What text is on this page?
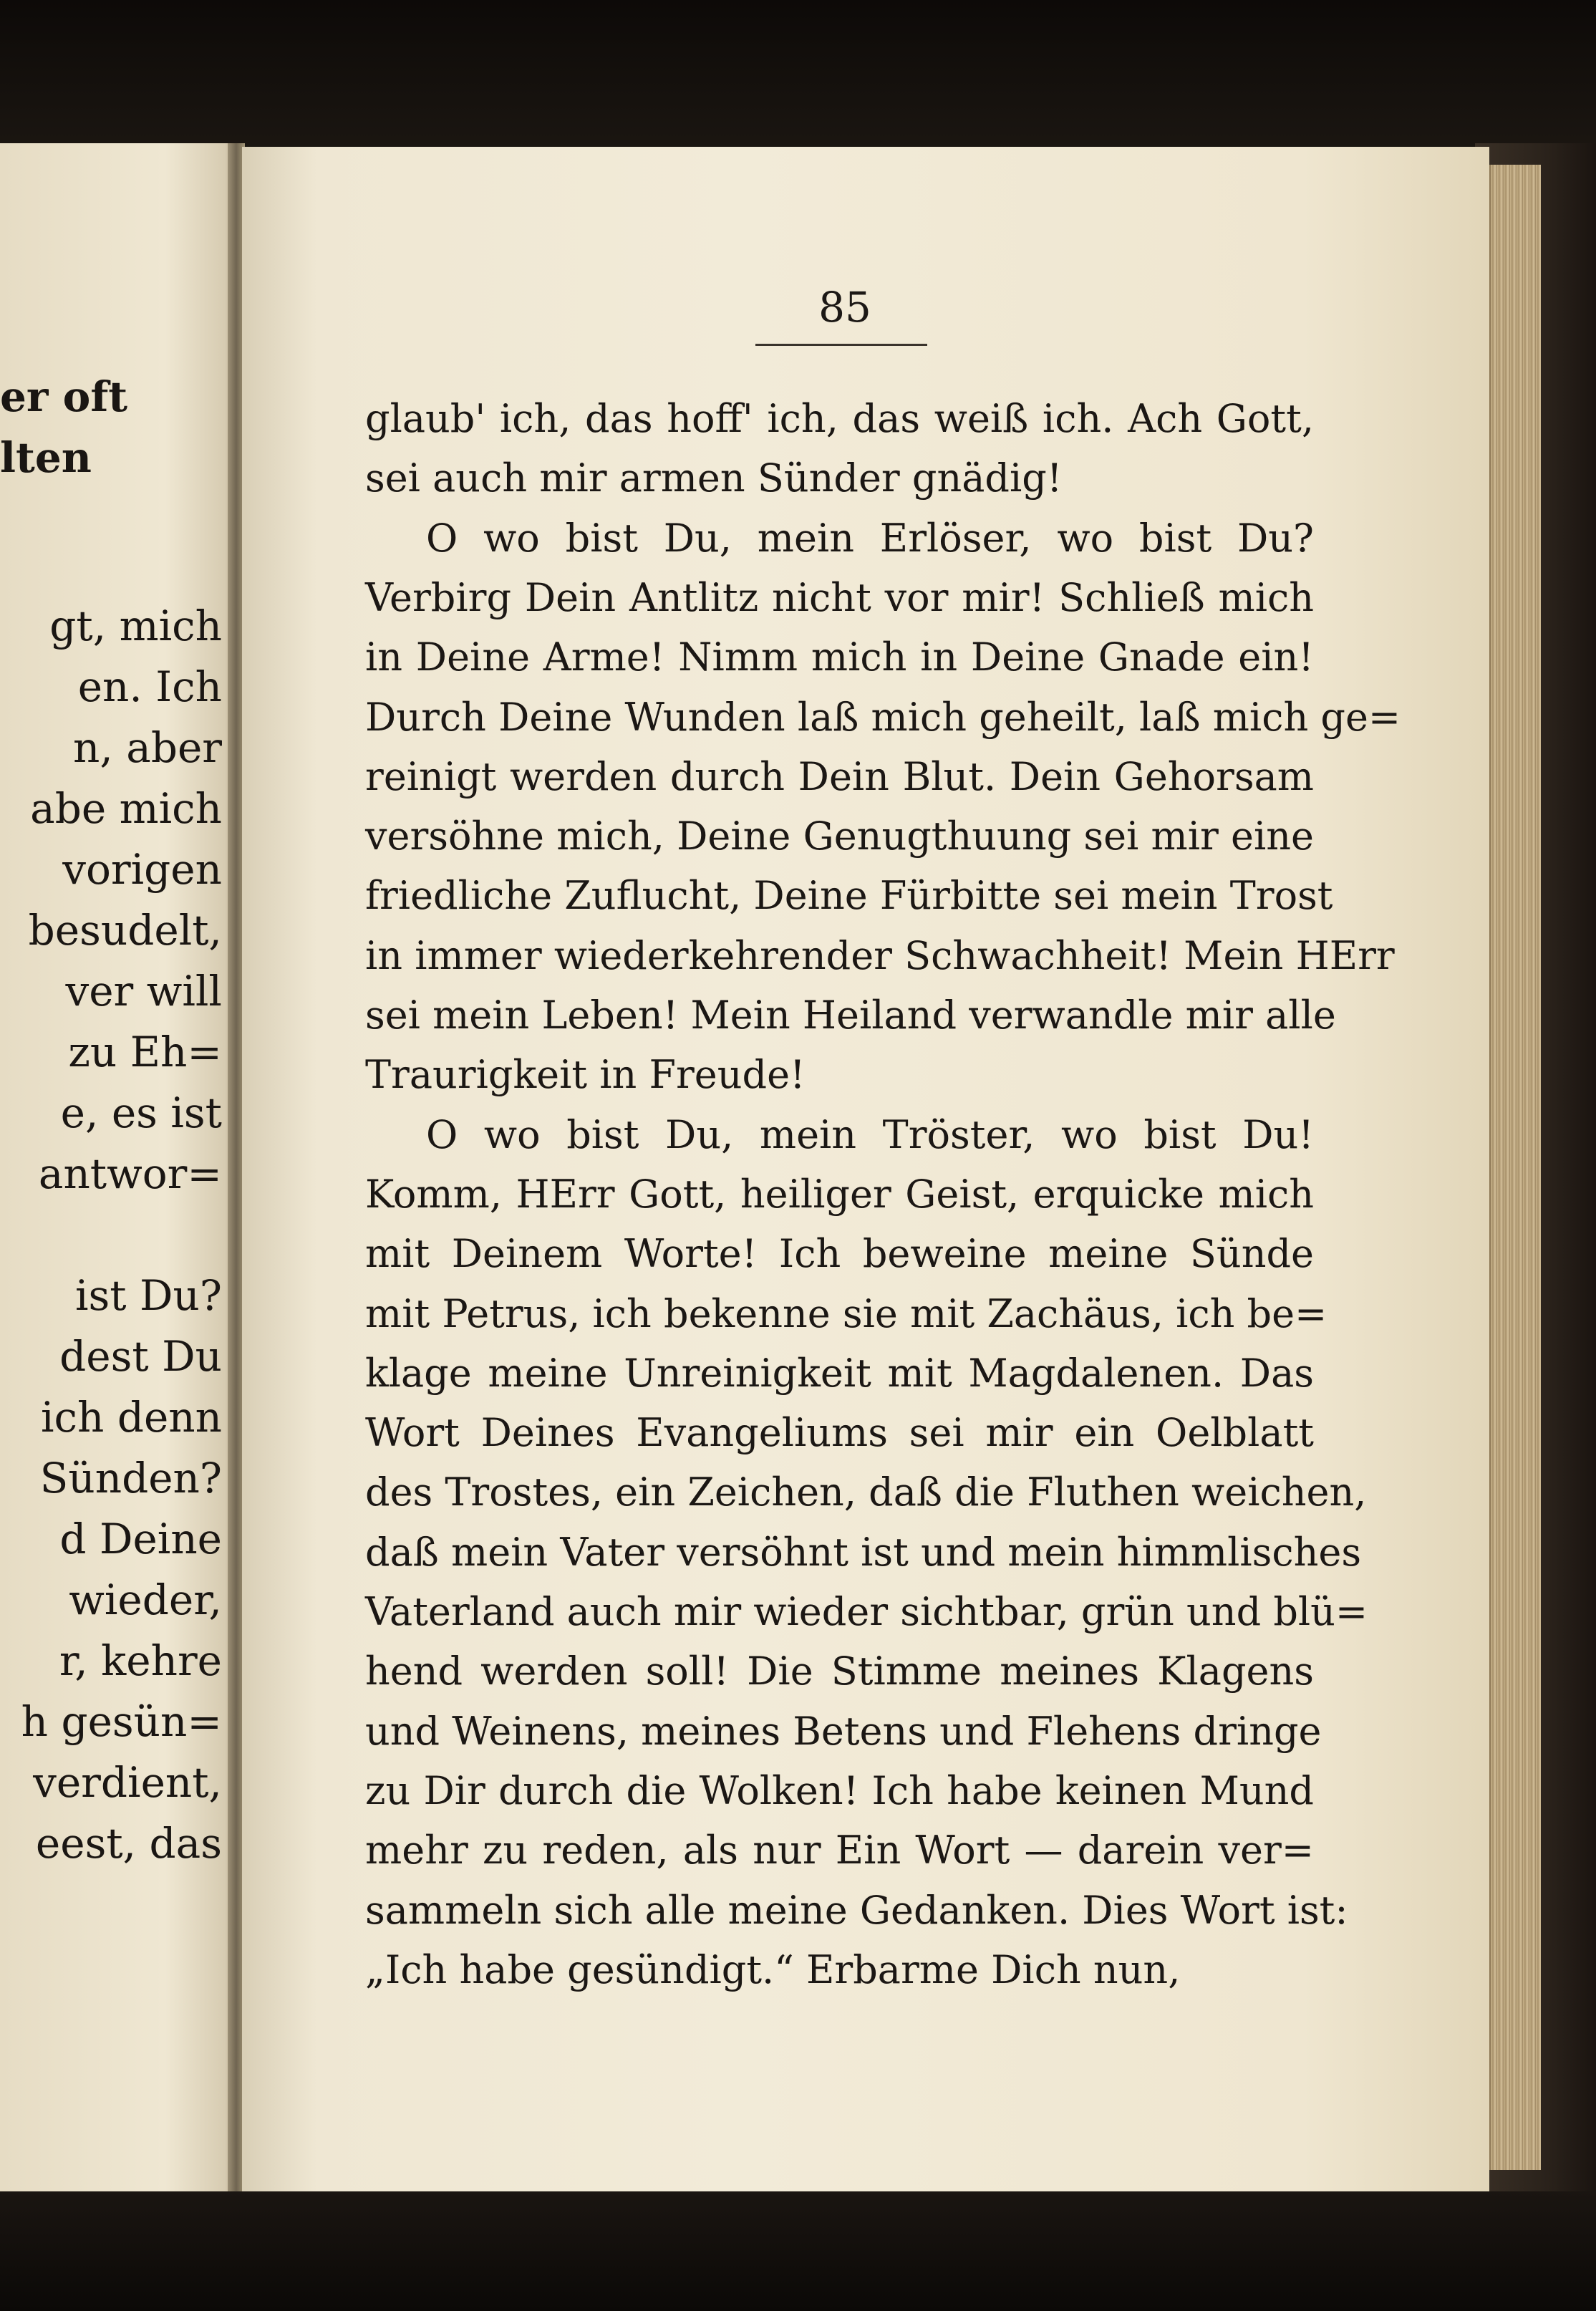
er oft
lten
gt, mich
en. Ich
n, aber
abe mich
vorigen
besudelt,
ver will
zu Eh=
e, es ist
antwor=
ist Du?
dest Du
ich denn
Sünden?
d Deine
wieder,
r, kehre
h gesün=
verdient,
eest, das
85
glaub' ich, das hoff' ich, das weiß ich. Ach Gott,
sei auch mir armen Sünder gnädig!
O wo bist Du, mein Erlöser, wo bist Du?
Verbirg Dein Antlitz nicht vor mir! Schließ mich
in Deine Arme! Nimm mich in Deine Gnade ein!
Durch Deine Wunden laß mich geheilt, laß mich ge=
reinigt werden durch Dein Blut. Dein Gehorsam
versöhne mich, Deine Genugthuung sei mir eine
friedliche Zuflucht, Deine Fürbitte sei mein Trost
in immer wiederkehrender Schwachheit! Mein HErr
sei mein Leben! Mein Heiland verwandle mir alle
Traurigkeit in Freude!
O wo bist Du, mein Tröster, wo bist Du!
Komm, HErr Gott, heiliger Geist, erquicke mich
mit Deinem Worte! Ich beweine meine Sünde
mit Petrus, ich bekenne sie mit Zachäus, ich be=
klage meine Unreinigkeit mit Magdalenen. Das
Wort Deines Evangeliums sei mir ein Oelblatt
des Trostes, ein Zeichen, daß die Fluthen weichen,
daß mein Vater versöhnt ist und mein himmlisches
Vaterland auch mir wieder sichtbar, grün und blü=
hend werden soll! Die Stimme meines Klagens
und Weinens, meines Betens und Flehens dringe
zu Dir durch die Wolken! Ich habe keinen Mund
mehr zu reden, als nur Ein Wort — darein ver=
sammeln sich alle meine Gedanken. Dies Wort ist:
„Ich habe gesündigt.“ Erbarme Dich nun,
